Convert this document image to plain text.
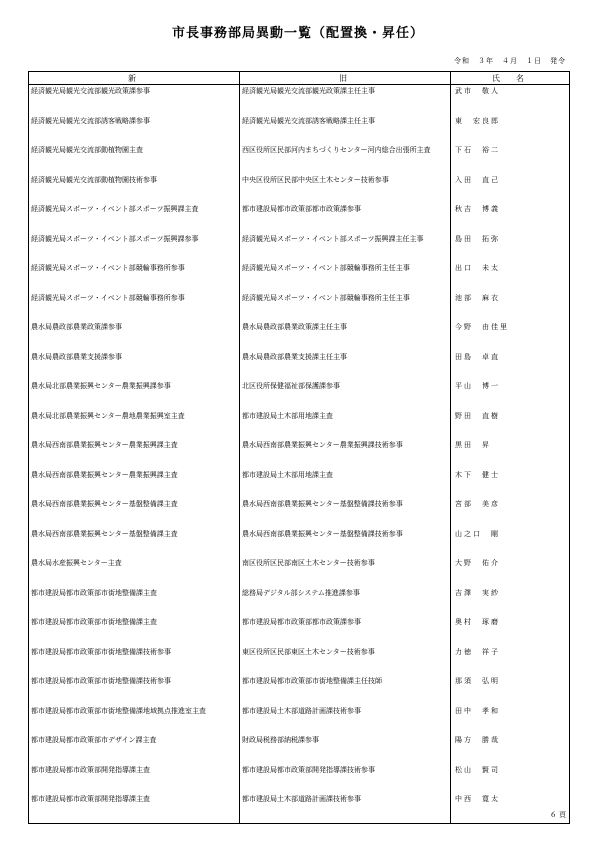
市長事務部局異動一覧（配置換・昇任）
令和　３年　４月　１日　発令
新	旧	氏　名
経済観光局観光交流部観光政策課参事	経済観光局観光交流部観光政策課主任主事	武市　敬人
経済観光局観光交流部誘客戦略課参事	経済観光局観光交流部誘客戦略課主任主事	東　宏良郎
経済観光局観光交流部動植物園主査	西区役所区民部河内まちづくりセンター河内総合出張所主査	下石　裕二
経済観光局観光交流部動植物園技術参事	中央区役所区民部中央区土木センター技術参事	入田　直己
経済観光局スポーツ・イベント部スポーツ振興課主査	都市建設局都市政策部都市政策課参事	秋吉　博義
経済観光局スポーツ・イベント部スポーツ振興課参事	経済観光局スポーツ・イベント部スポーツ振興課主任主事	島田　拓弥
経済観光局スポーツ・イベント部競輪事務所参事	経済観光局スポーツ・イベント部競輪事務所主任主事	出口　未太
経済観光局スポーツ・イベント部競輪事務所参事	経済観光局スポーツ・イベント部競輪事務所主任主事	池部　麻衣
農水局農政部農業政策課参事	農水局農政部農業政策課主任主事	今野　由佳里
農水局農政部農業支援課参事	農水局農政部農業支援課主任主事	田島　卓直
農水局北部農業振興センター農業振興課参事	北区役所保健福祉部保護課参事	平山　博一
農水局北部農業振興センター農地農業振興室主査	都市建設局土木部用地課主査	野田　直樹
農水局西南部農業振興センター農業振興課主査	農水局西南部農業振興センター農業振興課技術参事	黒田　昇
農水局西南部農業振興センター農業振興課主査	都市建設局土木部用地課主査	木下　健士
農水局西南部農業振興センター基盤整備課主査	農水局西南部農業振興センター基盤整備課技術参事	宮部　美彦
農水局西南部農業振興センター基盤整備課主査	農水局西南部農業振興センター基盤整備課技術参事	山之口　剛
農水局水産振興センター主査	南区役所区民部南区土木センター技術参事	大野　佑介
都市建設局都市政策部市街地整備課主査	総務局デジタル部システム推進課参事	吉澤　実紗
都市建設局都市政策部市街地整備課主査	都市建設局都市政策部都市政策課参事	奥村　琢磨
都市建設局都市政策部市街地整備課技術参事	東区役所区民部東区土木センター技術参事	力徳　祥子
都市建設局都市政策部市街地整備課技術参事	都市建設局都市政策部市街地整備課主任技師	那須　弘明
都市建設局都市政策部市街地整備課地域拠点推進室主査	都市建設局土木部道路計画課技術参事	田中　孝和
都市建設局都市政策部市デザイン課主査	財政局税務部納税課参事	陽方　勝哉
都市建設局都市政策部開発指導課主査	都市建設局都市政策部開発指導課技術参事	松山　賢司
都市建設局都市政策部開発指導課主査	都市建設局土木部道路計画課技術参事	中西　寛太
６ 頁
